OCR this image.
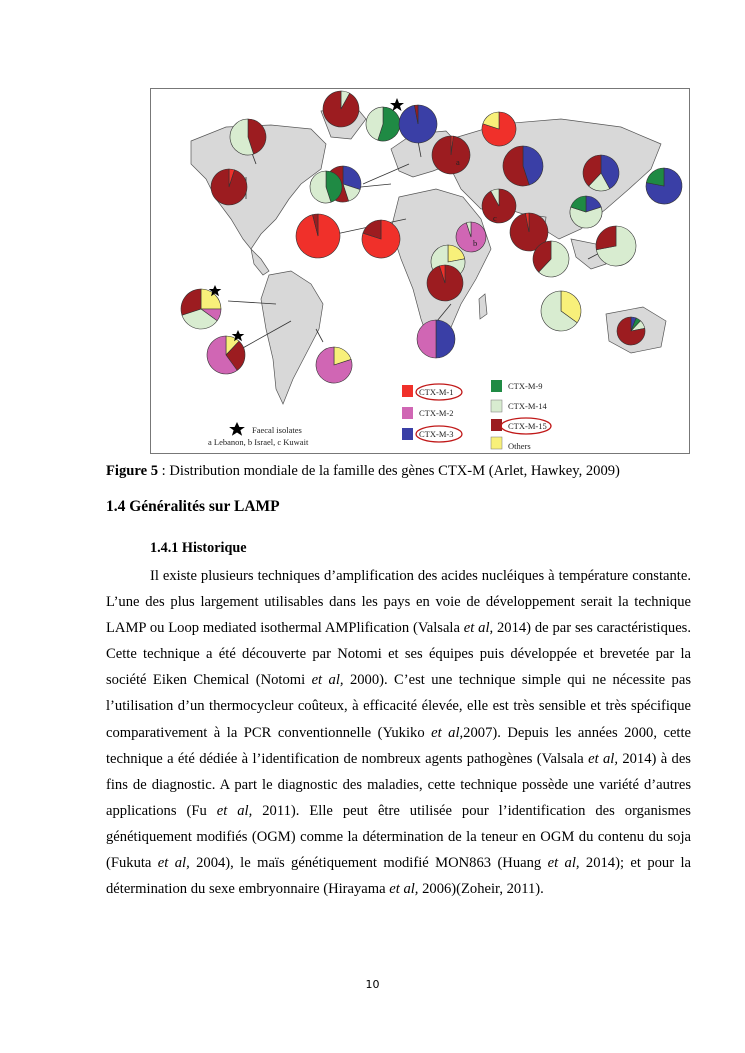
a
b
c
Faecal isolates
a Lebanon, b Israel, c Kuwait
CTX-M-1
CTX-M-2
CTX-M-3
CTX-M-9
CTX-M-14
CTX-M-15
Others
Figure 5 : Distribution mondiale de la famille des gènes CTX-M (Arlet, Hawkey, 2009)
1.4 Généralités sur LAMP
1.4.1 Historique
Il existe plusieurs techniques d’amplification des acides nucléiques à température constante. L’une des plus largement utilisables dans les pays en voie de développement serait la technique LAMP ou Loop mediated isothermal AMPlification (Valsala et al, 2014) de par ses caractéristiques. Cette technique a été découverte par Notomi et ses équipes puis développée et brevetée par la société Eiken Chemical (Notomi et al, 2000). C’est une technique simple qui ne nécessite pas l’utilisation d’un thermocycleur coûteux, à efficacité élevée, elle est très sensible et très spécifique comparativement à la PCR conventionnelle (Yukiko et al,2007). Depuis les années 2000, cette technique a été dédiée à l’identification de nombreux agents pathogènes (Valsala et al, 2014) à des fins de diagnostic. A part le diagnostic des maladies, cette technique possède une variété d’autres applications (Fu et al, 2011). Elle peut être utilisée pour l’identification des organismes génétiquement modifiés (OGM) comme la détermination de la teneur en OGM du contenu du soja (Fukuta et al, 2004), le maïs génétiquement modifié MON863 (Huang et al, 2014); et pour la détermination du sexe embryonnaire (Hirayama et al, 2006)(Zoheir, 2011).
10
